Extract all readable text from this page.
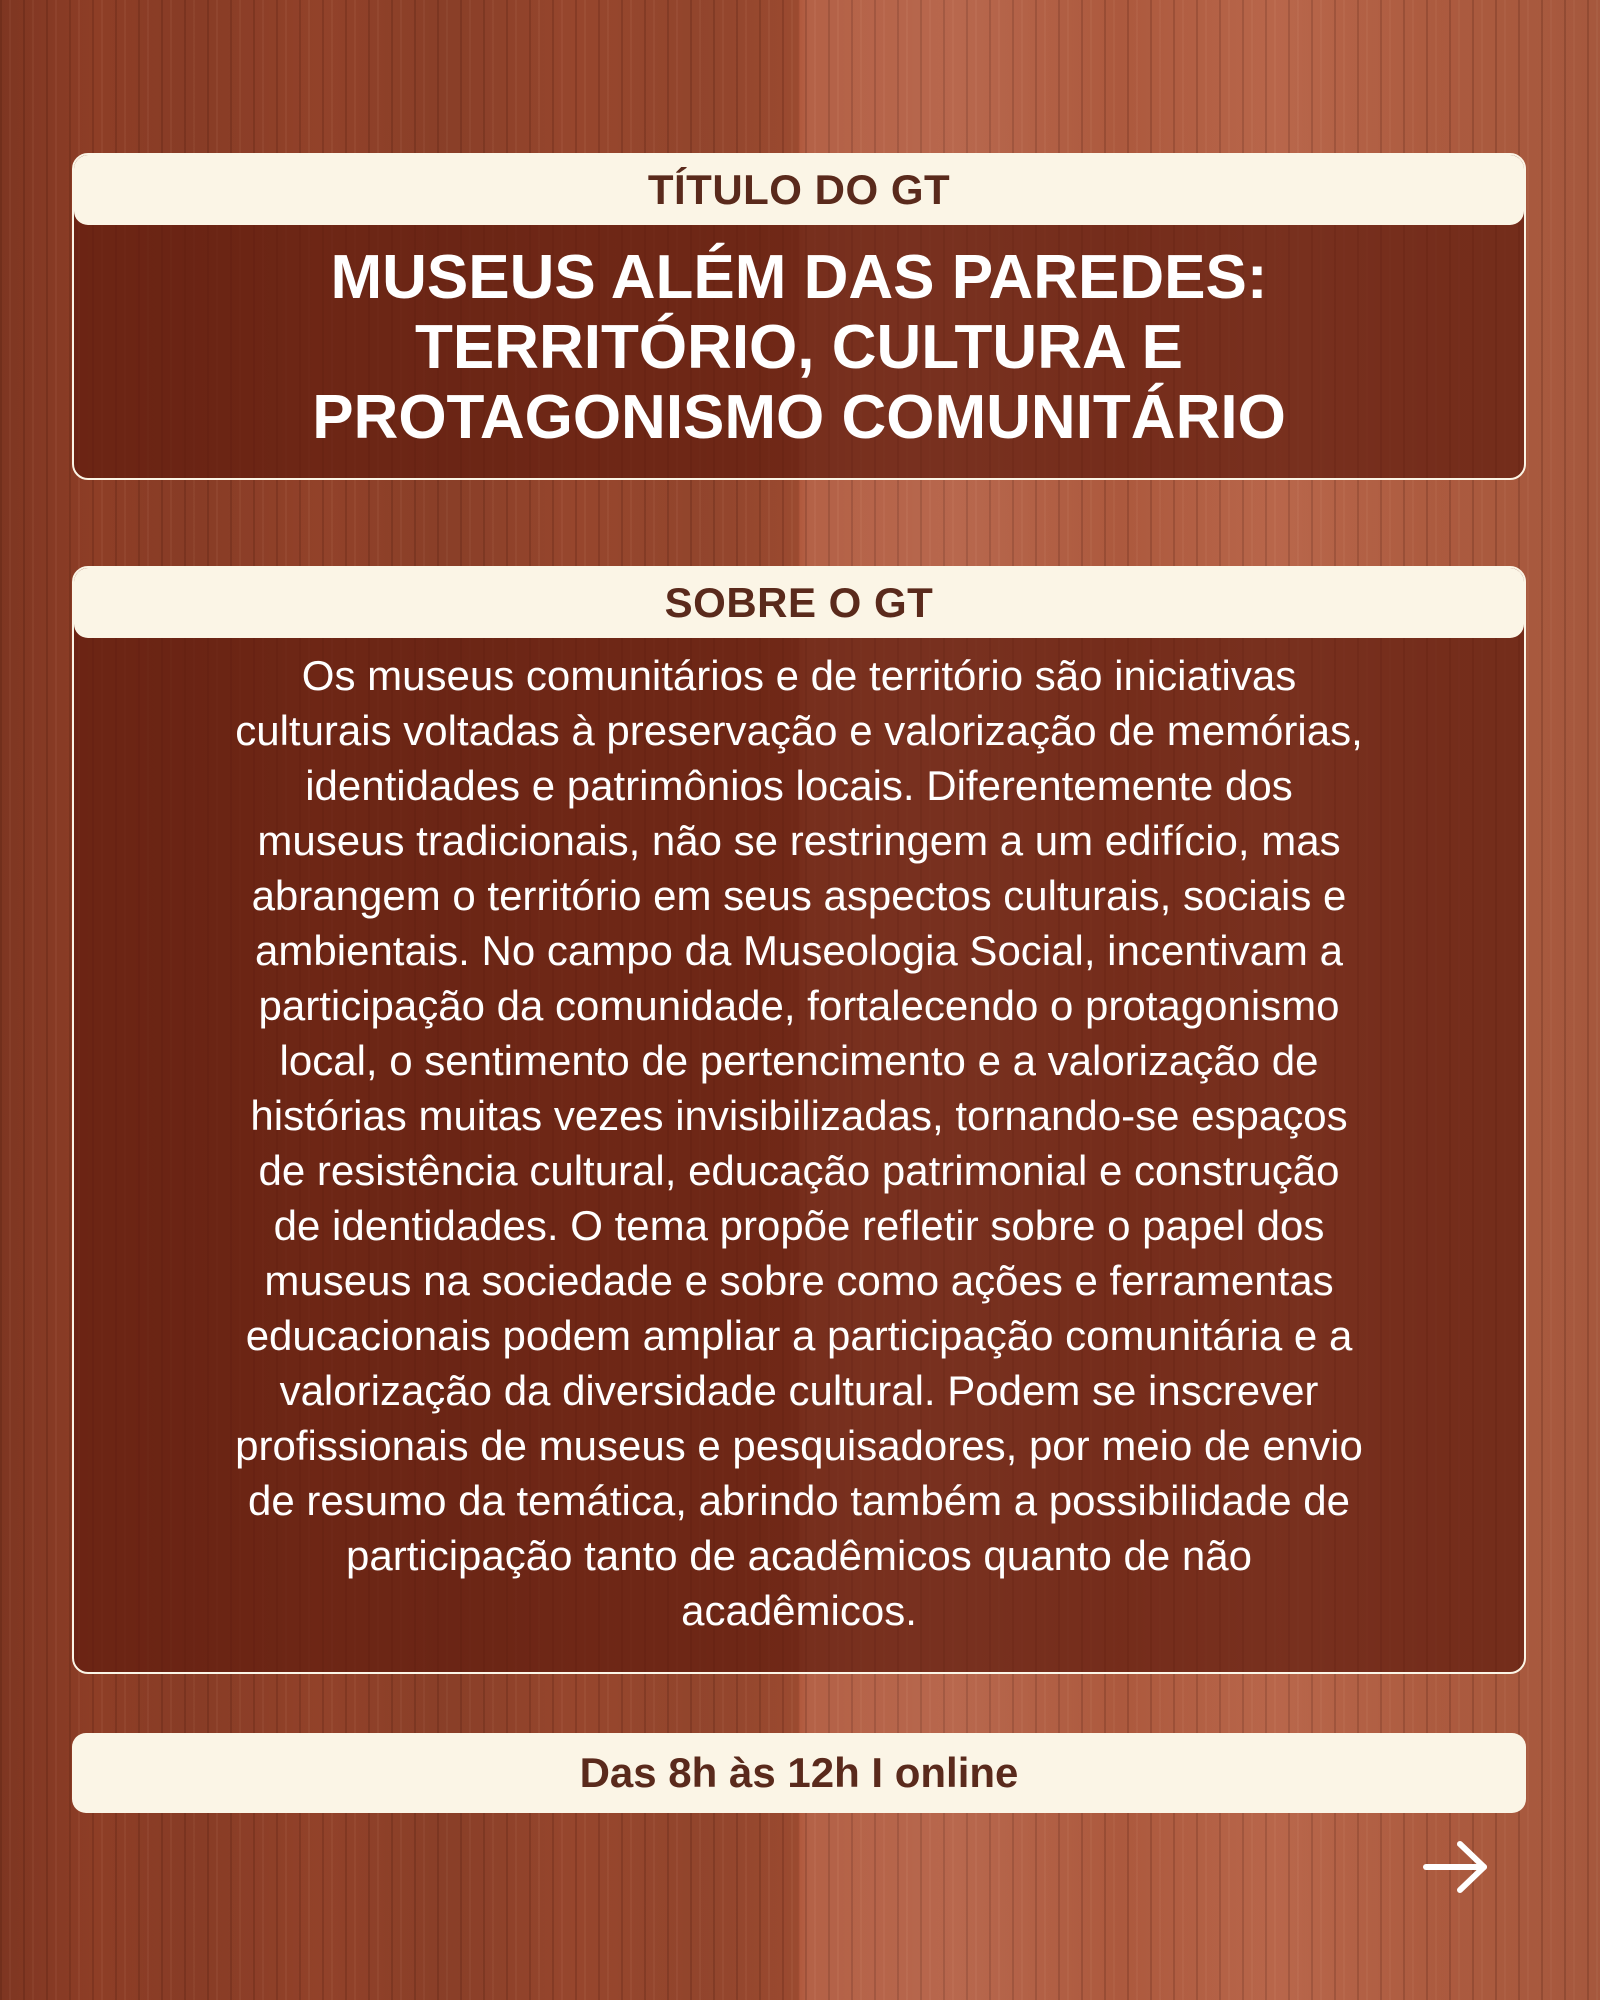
TÍTULO DO GT
MUSEUS ALÉM DAS PAREDES:
TERRITÓRIO, CULTURA E
PROTAGONISMO COMUNITÁRIO
SOBRE O GT
Os museus comunitários e de território são iniciativas
culturais voltadas à preservação e valorização de memórias,
identidades e patrimônios locais. Diferentemente dos
museus tradicionais, não se restringem a um edifício, mas
abrangem o território em seus aspectos culturais, sociais e
ambientais. No campo da Museologia Social, incentivam a
participação da comunidade, fortalecendo o protagonismo
local, o sentimento de pertencimento e a valorização de
histórias muitas vezes invisibilizadas, tornando-se espaços
de resistência cultural, educação patrimonial e construção
de identidades. O tema propõe refletir sobre o papel dos
museus na sociedade e sobre como ações e ferramentas
educacionais podem ampliar a participação comunitária e a
valorização da diversidade cultural. Podem se inscrever
profissionais de museus e pesquisadores, por meio de envio
de resumo da temática, abrindo também a possibilidade de
participação tanto de acadêmicos quanto de não
acadêmicos.
Das 8h às 12h I online
